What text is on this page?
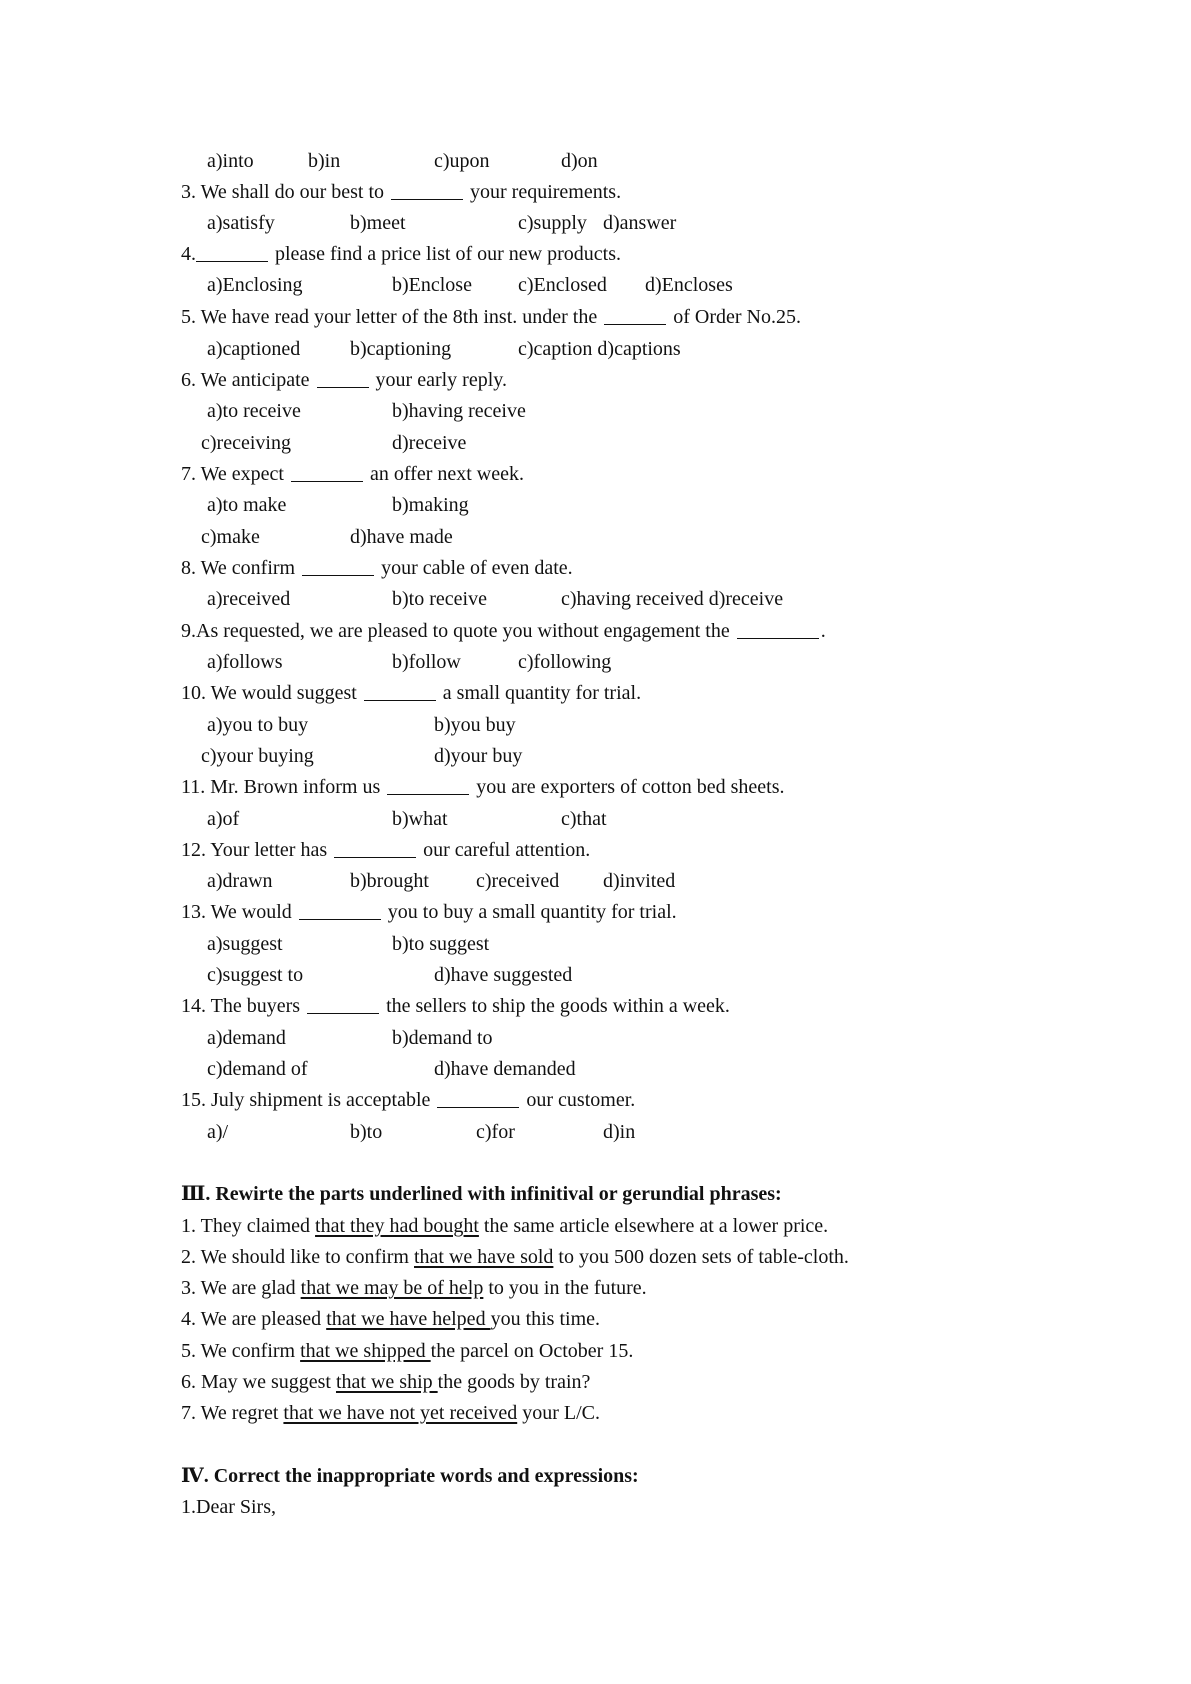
a)into	b)in	c)upon	d)on
3. We shall do our best to	your requirements.
a)satisfy	b)meet	c)supply d)answer
4.	please find a price list of our new products.
a)Enclosing	b)Enclose c)Enclosed d)Encloses
5. We have read your letter of the 8th inst. under the	of Order No.25.
a)captioned b)captioning	c)caption d)captions
6. We anticipate	your early reply.
a)to receive	b)having receive
c)receiving	d)receive
7. We expect	an offer next week.
a)to make	b)making
c)make	d)have made
8. We confirm	your cable of even date.
a)received	b)to receive	c)having received d)receive
9.As requested, we are pleased to quote you without engagement the	.
a)follows	b)follow	c)following
10. We would suggest	a small quantity for trial.
a)you to buy	b)you buy
c)your buying	d)your buy
11. Mr. Brown inform us	you are exporters of cotton bed sheets.
a)of	b)what	c)that
12. Your letter has	our careful attention.
a)drawn	b)brought c)received d)invited
13. We would	you to buy a small quantity for trial.
a)suggest	b)to suggest
c)suggest to	d)have suggested
14. The buyers	the sellers to ship the goods within a week.
a)demand	b)demand to
c)demand of	d)have demanded
15. July shipment is acceptable	our customer.
a)/	b)to	c)for	d)in
Ⅲ. Rewirte the parts underlined with infinitival or gerundial phrases:
1. They claimed that they had bought the same article elsewhere at a lower price.
2. We should like to confirm that we have sold to you 500 dozen sets of table-cloth.
3. We are glad that we may be of help to you in the future.
4. We are pleased that we have helped you this time.
5. We confirm that we shipped the parcel on October 15.
6. May we suggest that we ship the goods by train?
7. We regret that we have not yet received your L/C.
Ⅳ. Correct the inappropriate words and expressions:
1.Dear Sirs,
